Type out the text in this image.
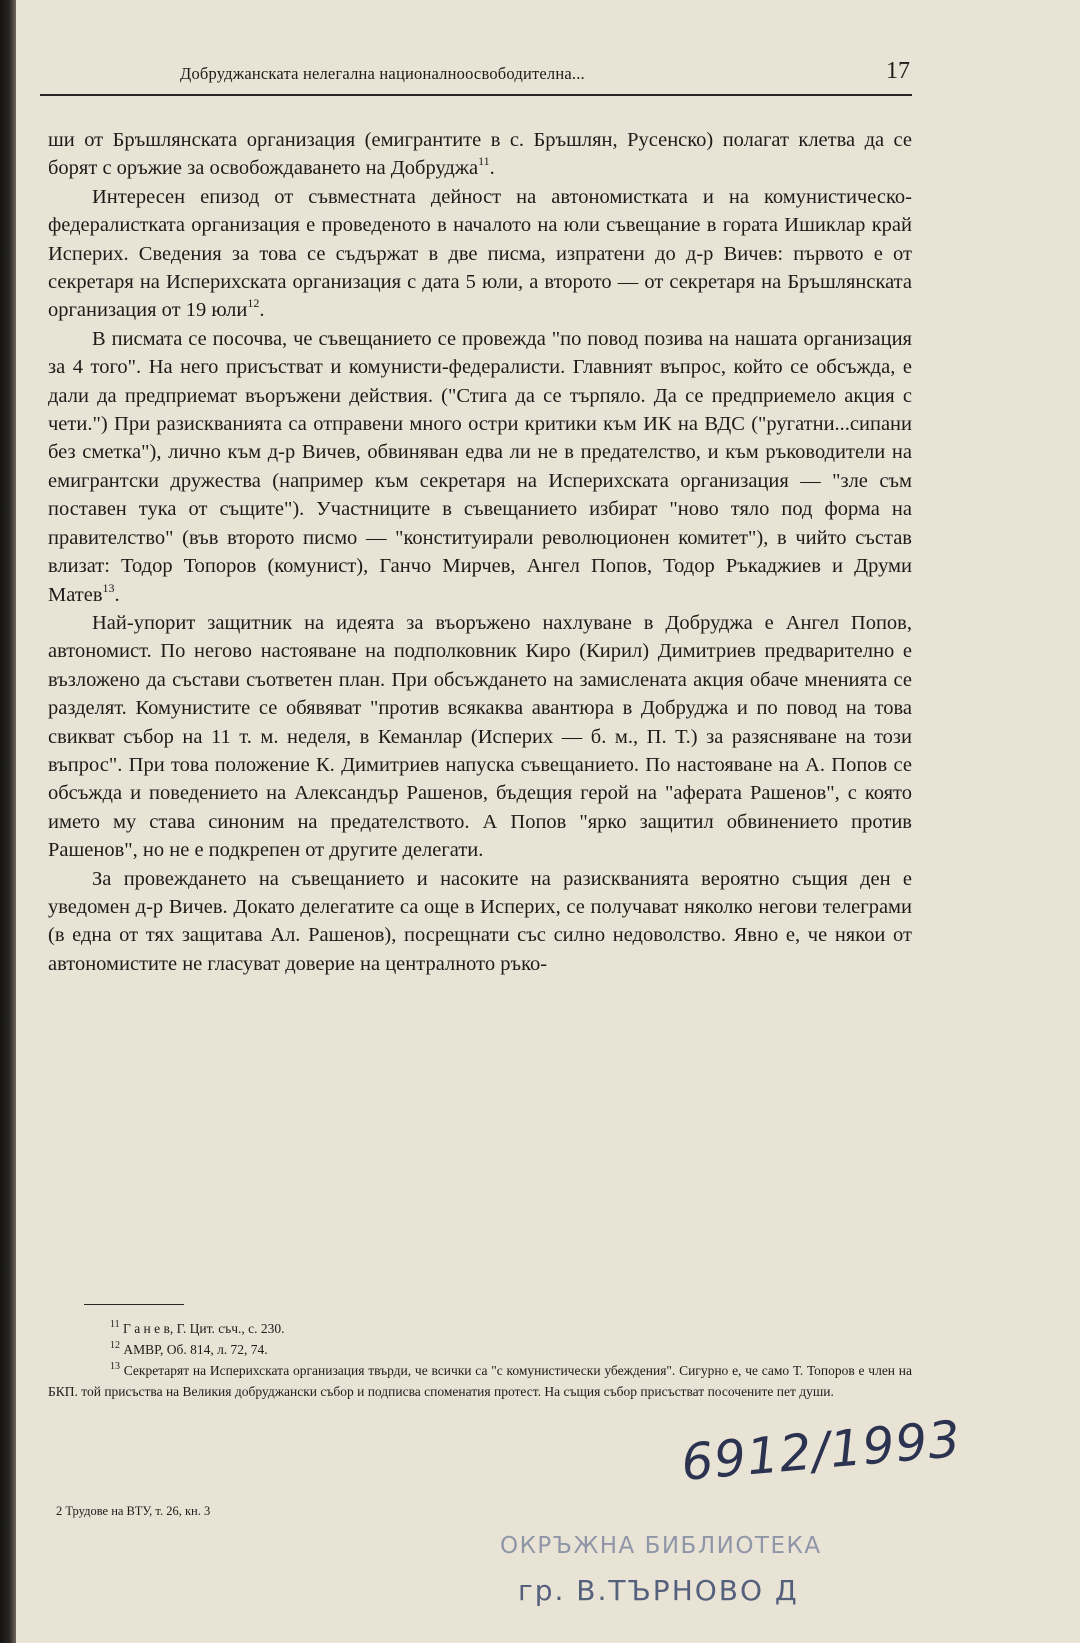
Добруджанската нелегална националноосвободителна...	17

ши от Бръшлянската организация (емигрантите в с. Бръшлян, Русенско) полагат клетва да се борят с оръжие за освобождаването на Добруджа$^{11}$.

Интересен епизод от съвместната дейност на автономистката и на комунистическо-федералистката организация е проведеното в началото на юли съвещание в гората Ишиклар край Исперих. Сведения за това се съдържат в две писма, изпратени до д-р Вичев: първото е от секретаря на Исперихската организация с дата 5 юли, а второто — от секретаря на Бръшлянската организация от 19 юли$^{12}$.

В писмата се посочва, че съвещанието се провежда "по повод позива на нашата организация за 4 того". На него присъстват и комунисти-федералисти. Главният въпрос, който се обсъжда, е дали да предприемат въоръжени действия. ("Стига да се търпяло. Да се предприемело акция с чети.") При разискванията са отправени много остри критики към ИК на ВДС ("ругатни...сипани без сметка"), лично към д-р Вичев, обвиняван едва ли не в предателство, и към ръководители на емигрантски дружества (например към секретаря на Исперихската организация — "зле съм поставен тука от същите"). Участниците в съвещанието избират "ново тяло под форма на правителство" (във второто писмо — "конституирали революционен комитет"), в чийто състав влизат: Тодор Топоров (комунист), Ганчо Мирчев, Ангел Попов, Тодор Ръкаджиев и Друми Матев$^{13}$.

Най-упорит защитник на идеята за въоръжено нахлуване в Добруджа е Ангел Попов, автономист. По негово настояване на подполковник Киро (Кирил) Димитриев предварително е възложено да състави съответен план. При обсъждането на замислената акция обаче мненията се разделят. Комунистите се обявяват "против всякаква авантюра в Добруджа и по повод на това свикват събор на 11 т. м. неделя, в Кеманлар (Исперих — б. м., П. Т.) за разясняване на този въпрос". При това положение К. Димитриев напуска съвещанието. По настояване на А. Попов се обсъжда и поведението на Александър Рашенов, бъдещия герой на "аферата Рашенов", с която името му става синоним на предателството. А Попов "ярко защитил обвинението против Рашенов", но не е подкрепен от другите делегати.

За провеждането на съвещанието и насоките на разискванията вероятно същия ден е уведомен д-р Вичев. Докато делегатите са още в Исперих, се получават няколко негови телеграми (в една от тях защитава Ал. Рашенов), посрещнати със силно недоволство. Явно е, че някои от автономистите не гласуват доверие на централното ръко-

$^{11}$ Г а н е в, Г. Цит. съч., с. 230.

$^{12}$ АМВР, Об. 814, л. 72, 74.

$^{13}$ Секретарят на Исперихската организация твърди, че всички са "с комунистически убеждения". Сигурно е, че само Т. Топоров е член на БКП. той присъства на Великия добруджански събор и подписва споменатия протест. На същия събор присъстват посочените пет души.

2 Трудове на ВТУ, т. 26, кн. 3
6912/1993
ОКРЪЖНА БИБЛИОТЕКА
гр. В.ТЪРНОВО Д
